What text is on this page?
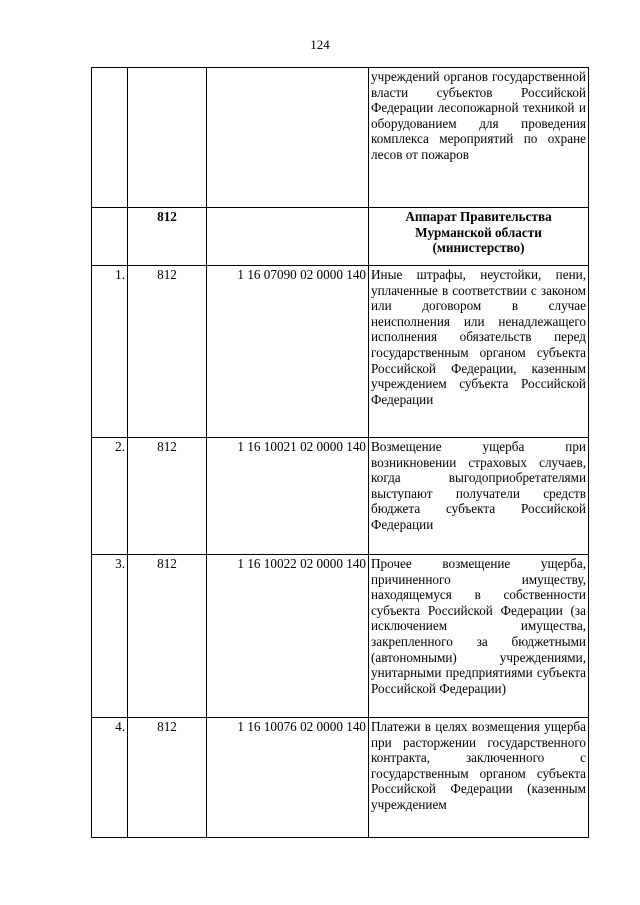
124
			учреждений органов государственной власти субъектов Российской Федерации лесопожарной техникой и оборудованием для проведения комплекса мероприятий по охране лесов от пожаров
	812		Аппарат Правительства Мурманской области (министерство)
1.	812	1 16 07090 02 0000 140	Иные штрафы, неустойки, пени, уплаченные в соответствии с законом или договором в случае неисполнения или ненадлежащего исполнения обязательств перед государственным органом субъекта Российской Федерации, казенным учреждением субъекта Российской Федерации
2.	812	1 16 10021 02 0000 140	Возмещение ущерба при возникновении страховых случаев, когда выгодоприобретателями выступают получатели средств бюджета субъекта Российской Федерации
3.	812	1 16 10022 02 0000 140	Прочее возмещение ущерба, причиненного имуществу, находящемуся в собственности субъекта Российской Федерации (за исключением имущества, закрепленного за бюджетными (автономными) учреждениями, унитарными предприятиями субъекта Российской Федерации)
4.	812	1 16 10076 02 0000 140	Платежи в целях возмещения ущерба при расторжении государственного контракта, заключенного с государственным органом субъекта Российской Федерации (казенным учреждением
